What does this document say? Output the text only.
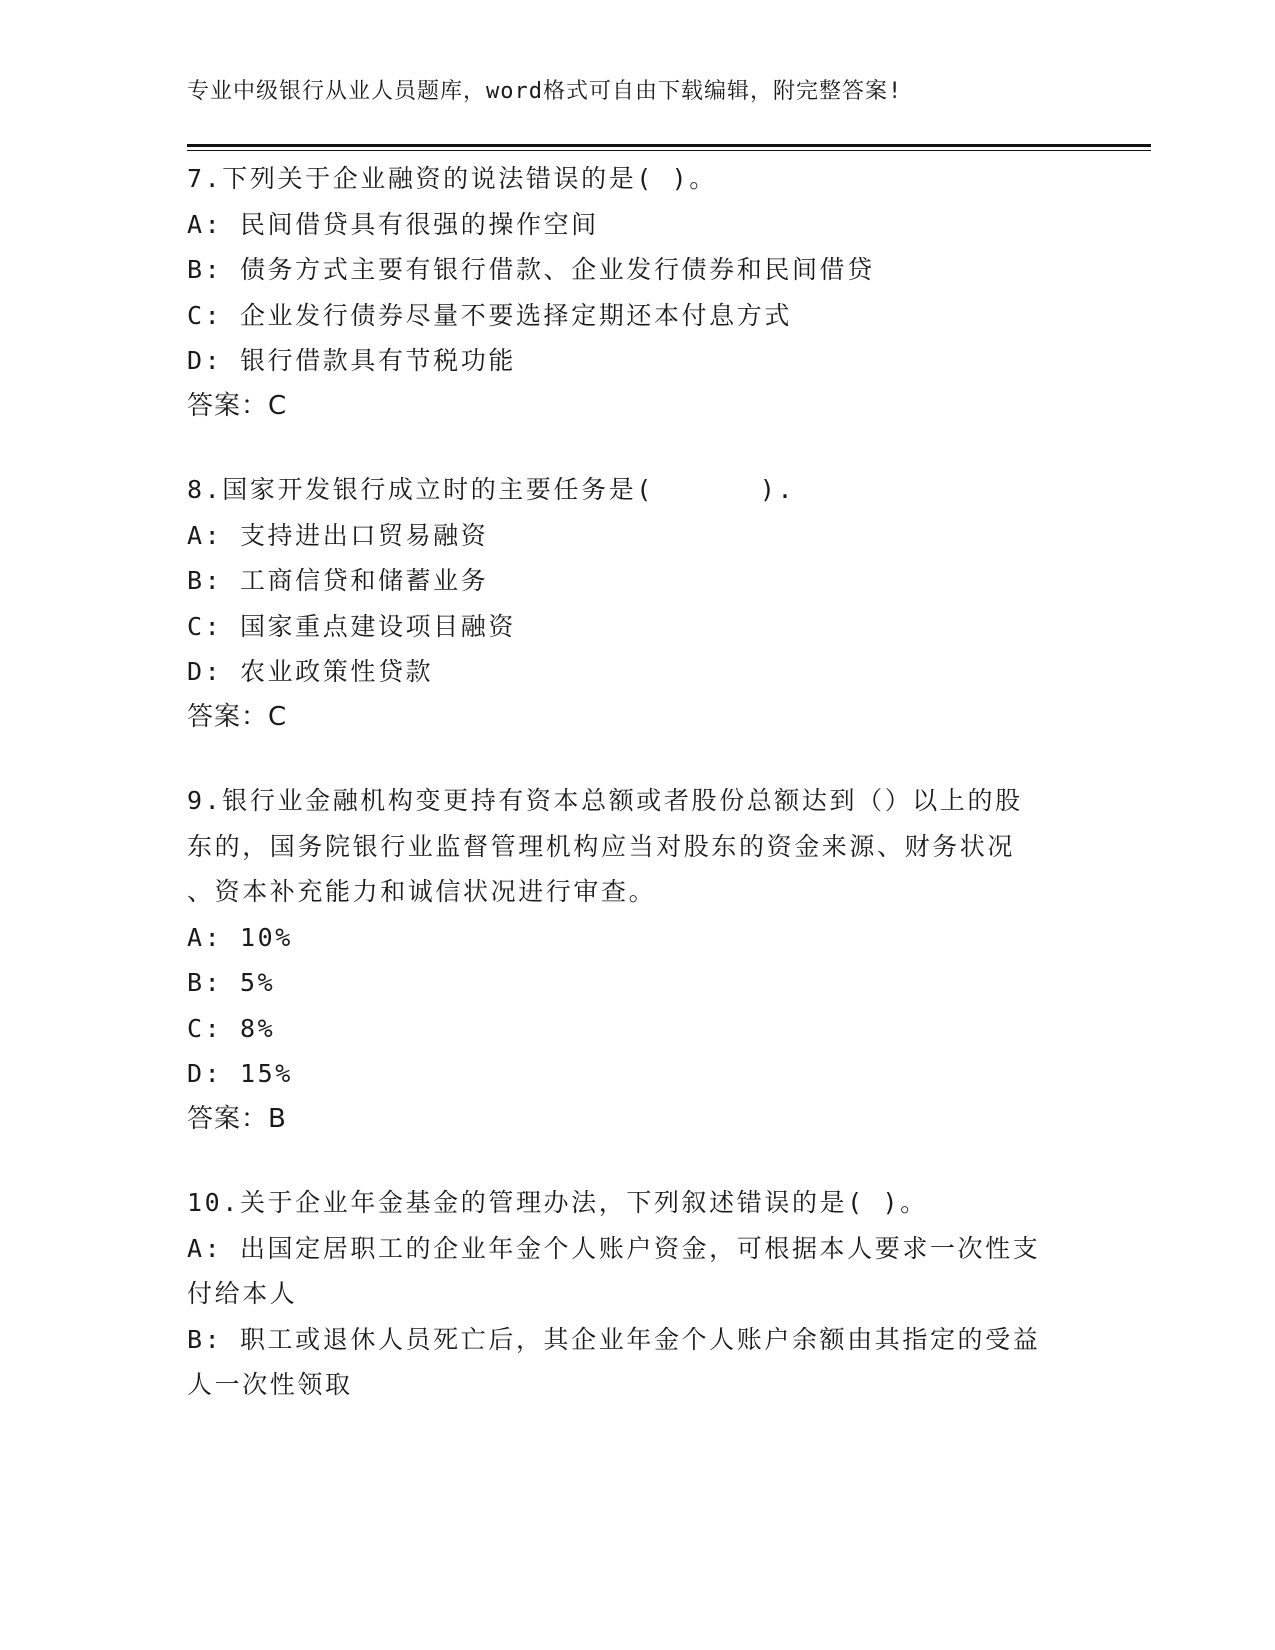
专业中级银行从业人员题库，word格式可自由下载编辑，附完整答案!
7.下列关于企业融资的说法错误的是( )。
A: 民间借贷具有很强的操作空间
B: 债务方式主要有银行借款、企业发行债券和民间借贷
C: 企业发行债券尽量不要选择定期还本付息方式
D: 银行借款具有节税功能
答案：C
8.国家开发银行成立时的主要任务是(      ).
A: 支持进出口贸易融资
B: 工商信贷和储蓄业务
C: 国家重点建设项目融资
D: 农业政策性贷款
答案：C
9.银行业金融机构变更持有资本总额或者股份总额达到（）以上的股
东的，国务院银行业监督管理机构应当对股东的资金来源、财务状况
、资本补充能力和诚信状况进行审查。
A: 10%
B: 5%
C: 8%
D: 15%
答案：B
10.关于企业年金基金的管理办法，下列叙述错误的是( )。
A: 出国定居职工的企业年金个人账户资金，可根据本人要求一次性支
付给本人
B: 职工或退休人员死亡后，其企业年金个人账户余额由其指定的受益
人一次性领取
